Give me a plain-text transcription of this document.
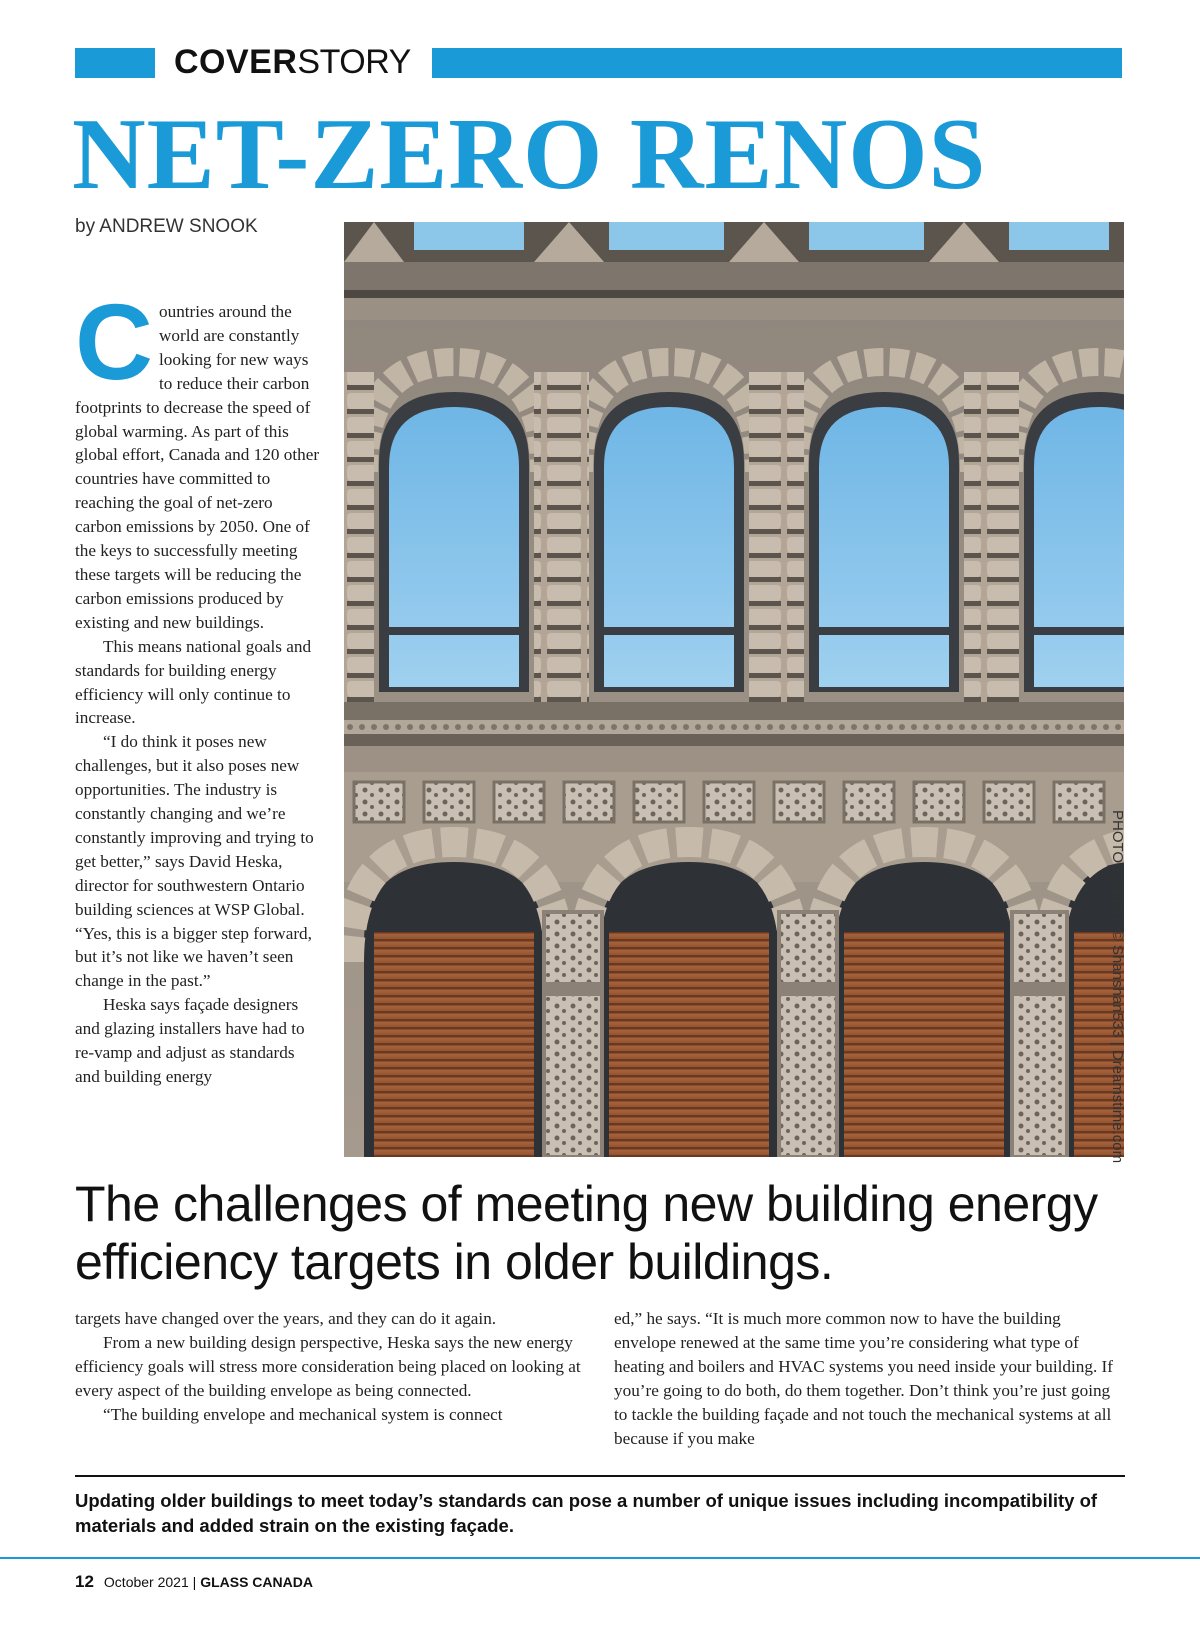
COVERSTORY
NET-ZERO RENOS
by ANDREW SNOOK

Countries around the world are constantly looking for new ways to reduce their carbon footprints to decrease the speed of global warming. As part of this global effort, Canada and 120 other countries have committed to reaching the goal of net-zero carbon emissions by 2050. One of the keys to successfully meeting these targets will be reducing the carbon emissions produced by existing and new buildings.

This means national goals and standards for building energy efficiency will only continue to increase.

“I do think it poses new challenges, but it also poses new opportunities. The industry is constantly changing and we’re constantly improving and trying to get better,” says David Heska, director for southwestern Ontario building sciences at WSP Global. “Yes, this is a bigger step forward, but it’s not like we haven’t seen change in the past.”

Heska says façade designers and glazing installers have had to re-vamp and adjust as standards and building energy	PHOTO CREDIT: © Shanshan533 | Dreamstime.com
The challenges of meeting new building energy efficiency targets in older buildings.

targets have changed over the years, and they can do it again.

From a new building design perspective, Heska says the new energy efficiency goals will stress more consideration being placed on looking at every aspect of the building envelope as being connected.

“The building envelope and mechanical system is connect

ed,” he says. “It is much more common now to have the building envelope renewed at the same time you’re considering what type of heating and boilers and HVAC systems you need inside your building. If you’re going to do both, do them together. Don’t think you’re just going to tackle the building façade and not touch the mechanical systems at all because if you make

Updating older buildings to meet today’s standards can pose a number of unique issues including incompatibility of materials and added strain on the existing façade.
12 October 2021 | GLASS CANADA
